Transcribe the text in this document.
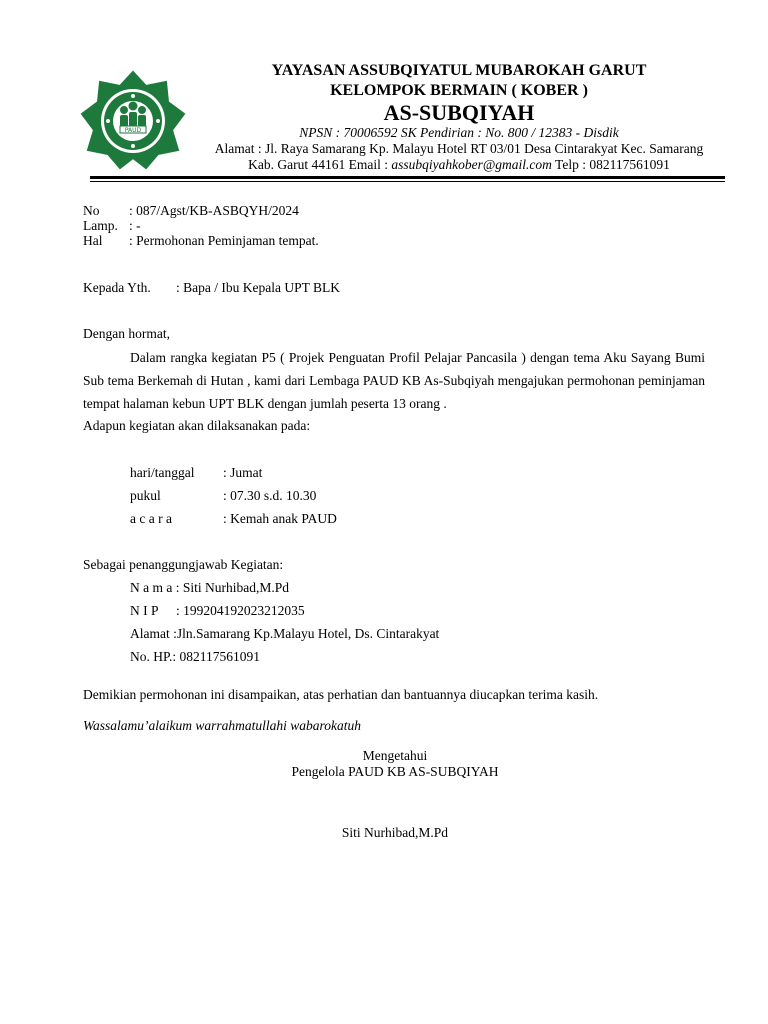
PAUD
YAYASAN ASSUBQIYATUL MUBAROKAH GARUT
KELOMPOK BERMAIN ( KOBER )
AS-SUBQIYAH
NPSN : 70006592 SK Pendirian : No. 800 / 12383 - Disdik
Alamat : Jl. Raya Samarang Kp. Malayu Hotel RT 03/01 Desa Cintarakyat Kec. Samarang
Kab. Garut 44161 Email : assubqiyahkober@gmail.com Telp : 082117561091
No : 087/Agst/KB-ASBQYH/2024
Lamp. : -
Hal : Permohonan Peminjaman tempat.
Kepada Yth. : Bapa / Ibu Kepala UPT BLK
Dengan hormat,
Dalam rangka kegiatan P5 ( Projek Penguatan Profil Pelajar Pancasila ) dengan tema Aku Sayang Bumi Sub tema Berkemah di Hutan , kami dari Lembaga PAUD KB As-Subqiyah mengajukan permohonan peminjaman tempat halaman kebun UPT BLK dengan jumlah peserta 13 orang .
Adapun kegiatan akan dilaksanakan pada:
hari/tanggal : Jumat
pukul	: 07.30 s.d. 10.30
a c a r a	: Kemah anak PAUD
Sebagai penanggungjawab Kegiatan:
N a m a : Siti Nurhibad,M.Pd
N I P : 199204192023212035
Alamat :Jln.Samarang Kp.Malayu Hotel, Ds. Cintarakyat
No. HP.: 082117561091
Demikian permohonan ini disampaikan, atas perhatian dan bantuannya diucapkan terima kasih.
Wassalamu’alaikum warrahmatullahi wabarokatuh
Mengetahui
Pengelola PAUD KB AS-SUBQIYAH
Siti Nurhibad,M.Pd
